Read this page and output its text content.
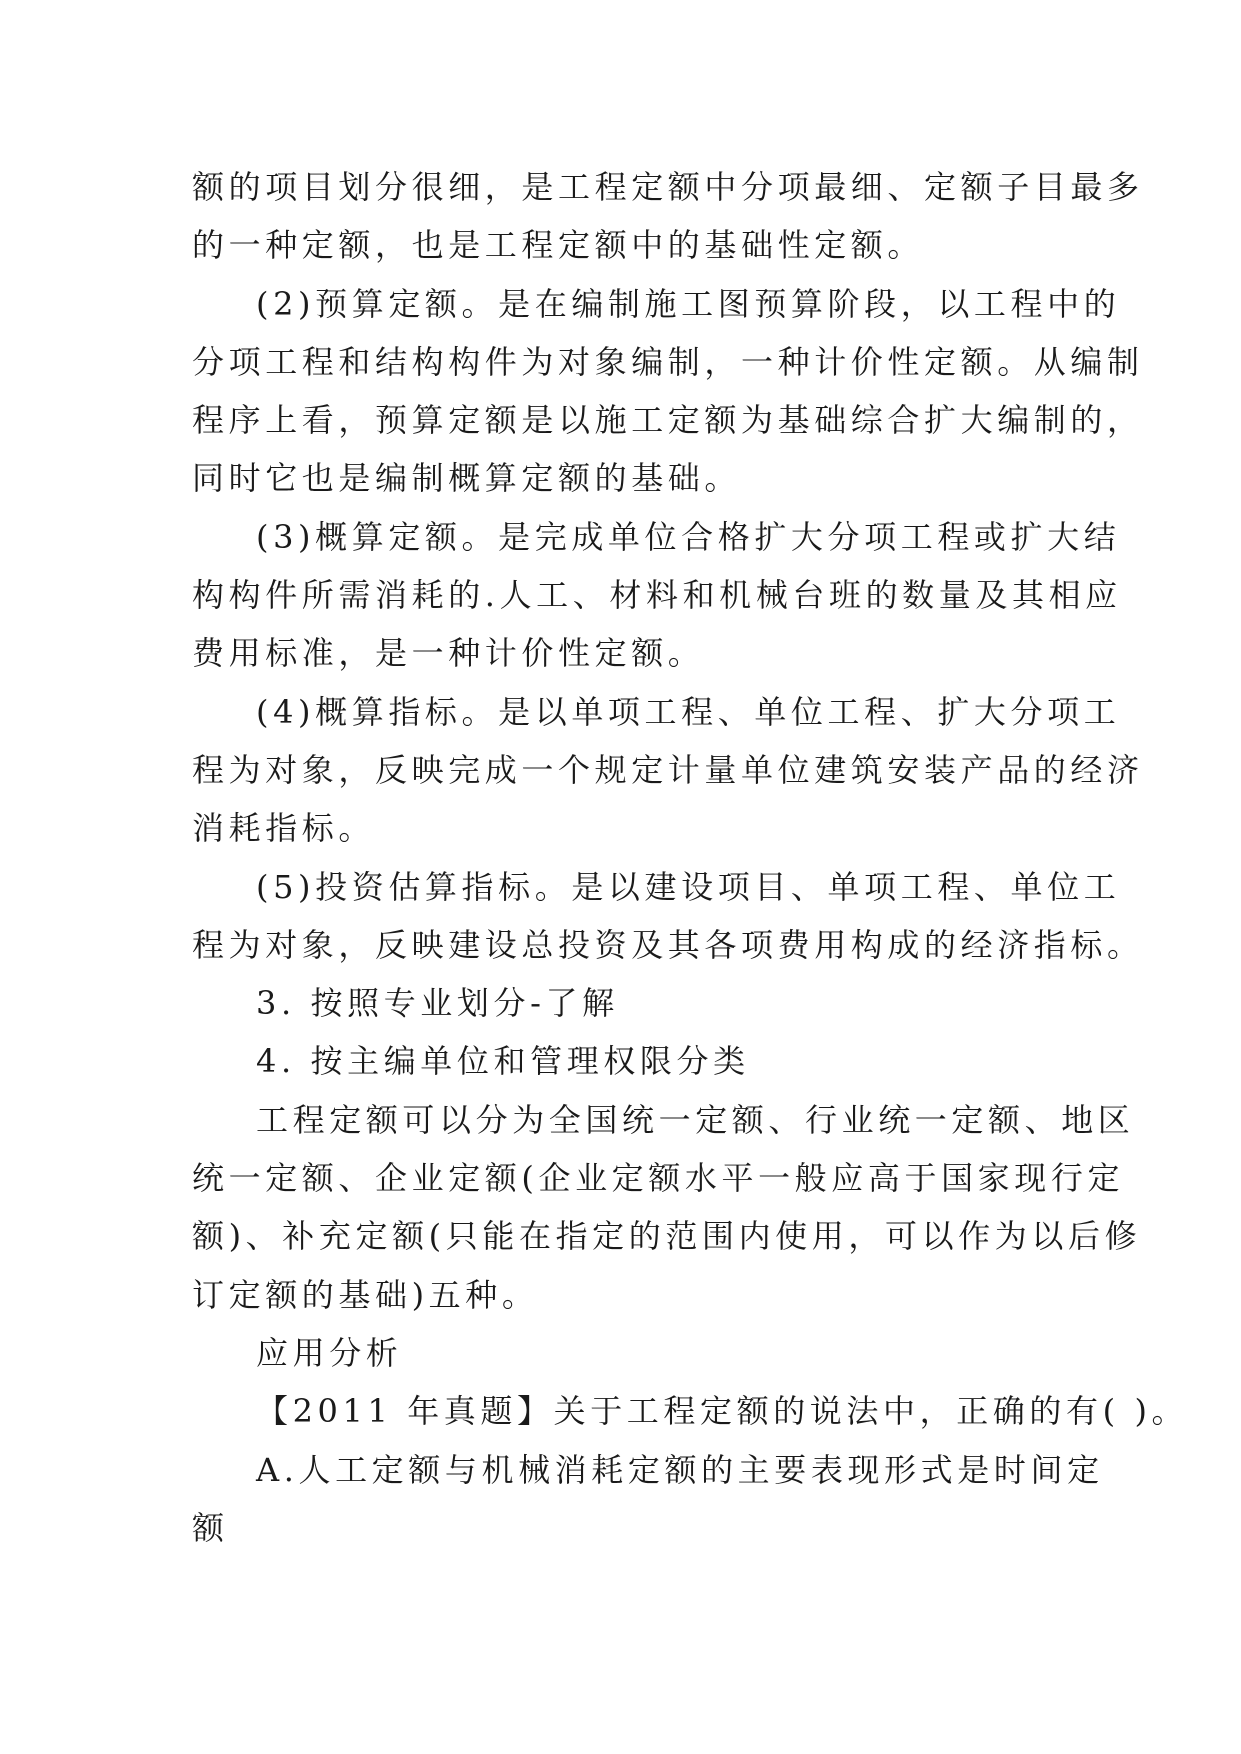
额的项目划分很细，是工程定额中分项最细、定额子目最多
的一种定额，也是工程定额中的基础性定额。
(2)预算定额。是在编制施工图预算阶段，以工程中的
分项工程和结构构件为对象编制，一种计价性定额。从编制
程序上看，预算定额是以施工定额为基础综合扩大编制的，
同时它也是编制概算定额的基础。
(3)概算定额。是完成单位合格扩大分项工程或扩大结
构构件所需消耗的.人工、材料和机械台班的数量及其相应
费用标准，是一种计价性定额。
(4)概算指标。是以单项工程、单位工程、扩大分项工
程为对象，反映完成一个规定计量单位建筑安装产品的经济
消耗指标。
(5)投资估算指标。是以建设项目、单项工程、单位工
程为对象，反映建设总投资及其各项费用构成的经济指标。
3. 按照专业划分-了解
4. 按主编单位和管理权限分类
工程定额可以分为全国统一定额、行业统一定额、地区
统一定额、企业定额(企业定额水平一般应高于国家现行定
额)、补充定额(只能在指定的范围内使用，可以作为以后修
订定额的基础)五种。
应用分析
【2011 年真题】关于工程定额的说法中，正确的有( )。
A.人工定额与机械消耗定额的主要表现形式是时间定
额
